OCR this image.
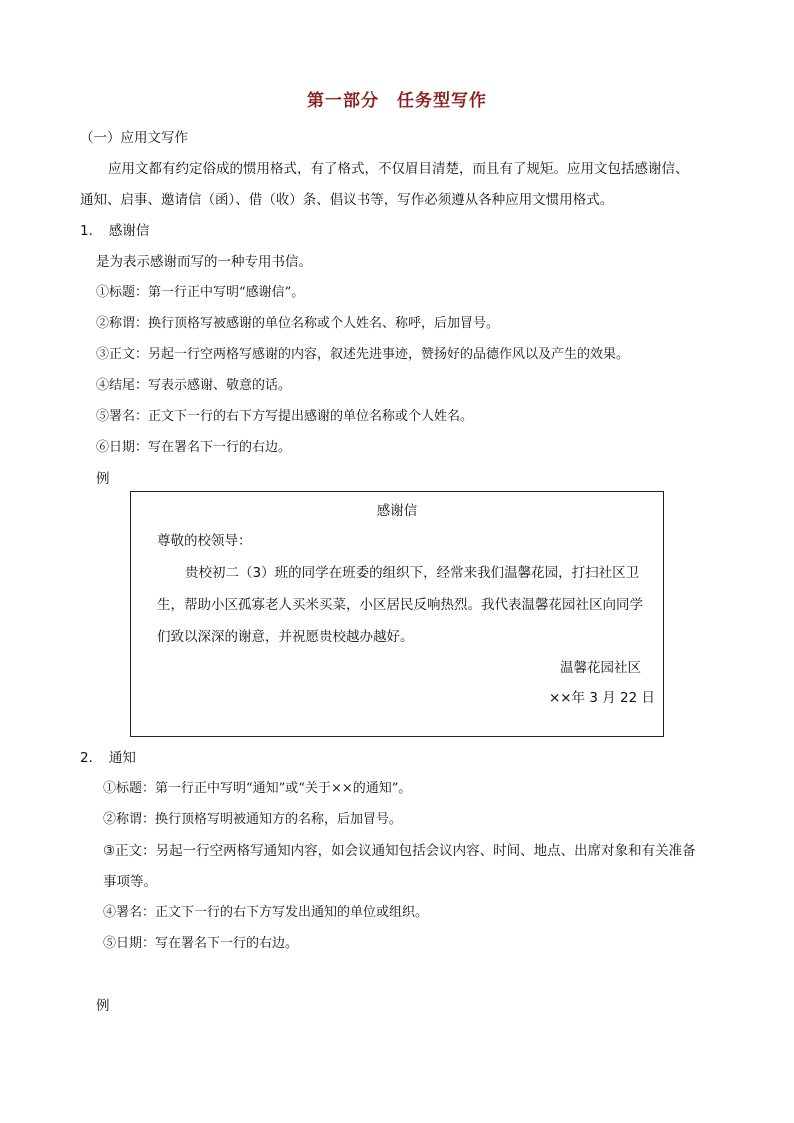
第一部分　任务型写作
（一）应用文写作
应用文都有约定俗成的惯用格式，有了格式，不仅眉目清楚，而且有了规矩。应用文包括感谢信、
通知、启事、邀请信（函）、借（收）条、倡议书等，写作必须遵从各种应用文惯用格式。
1．　感谢信
是为表示感谢而写的一种专用书信。
①标题：第一行正中写明“感谢信”。
②称谓：换行顶格写被感谢的单位名称或个人姓名、称呼，后加冒号。
③正文：另起一行空两格写感谢的内容，叙述先进事迹，赞扬好的品德作风以及产生的效果。
④结尾：写表示感谢、敬意的话。
⑤署名：正文下一行的右下方写提出感谢的单位名称或个人姓名。
⑥日期：写在署名下一行的右边。
例
感谢信
尊敬的校领导：
贵校初二（3）班的同学在班委的组织下，经常来我们温馨花园，打扫社区卫
生，帮助小区孤寡老人买米买菜，小区居民反响热烈。我代表温馨花园社区向同学
们致以深深的谢意，并祝愿贵校越办越好。
温馨花园社区
××年 3 月 22 日
2．　通知
①标题：第一行正中写明“通知”或“关于××的通知”。
②称谓：换行顶格写明被通知方的名称，后加冒号。
③正文：另起一行空两格写通知内容，如会议通知包括会议内容、时间、地点、出席对象和有关准备
事项等。
④署名：正文下一行的右下方写发出通知的单位或组织。
⑤日期：写在署名下一行的右边。
例
